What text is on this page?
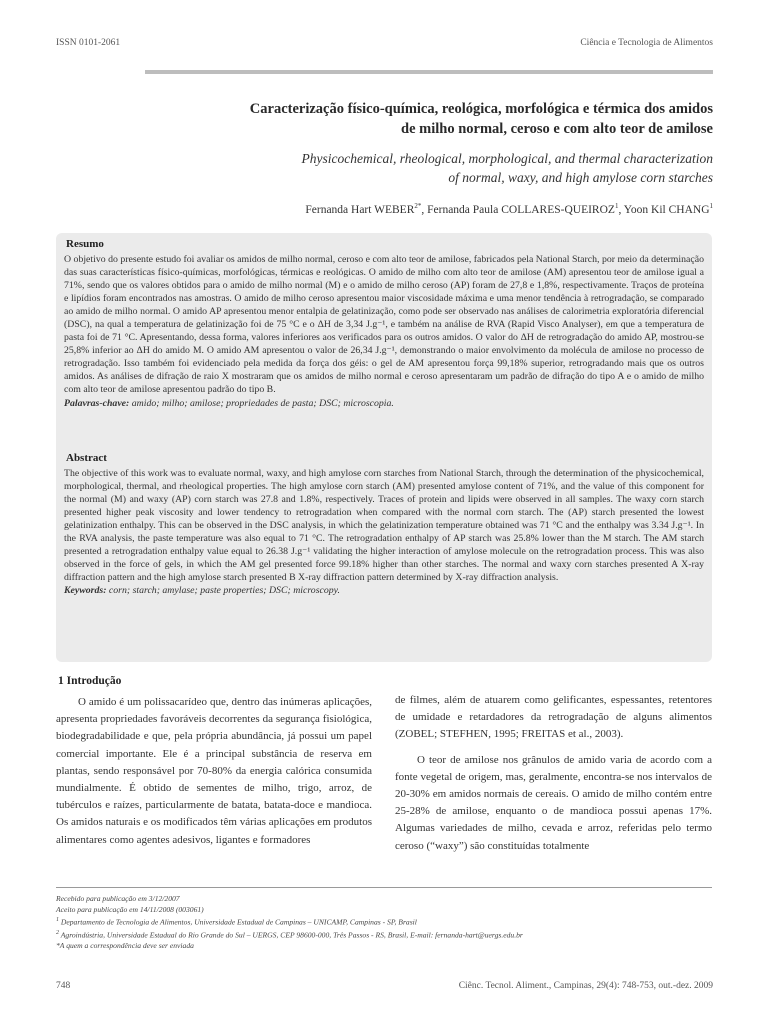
ISSN 0101-2061	Ciência e Tecnologia de Alimentos
Caracterização físico-química, reológica, morfológica e térmica dos amidos
de milho normal, ceroso e com alto teor de amilose
Physicochemical, rheological, morphological, and thermal characterization
of normal, waxy, and high amylose corn starches
Fernanda Hart $WEBER^{2*}$, Fernanda Paula COLLARES-QUEIROZ$^1$, Yoon Kil CHANG$^1$
Resumo
O objetivo do presente estudo foi avaliar os amidos de milho normal, ceroso e com alto teor de amilose, fabricados pela National Starch, por meio da determinação das suas características físico-químicas, morfológicas, térmicas e reológicas. O amido de milho com alto teor de amilose (AM) apresentou teor de amilose igual a 71%, sendo que os valores obtidos para o amido de milho normal (M) e o amido de milho ceroso (AP) foram de 27,8 e 1,8%, respectivamente. Traços de proteína e lipídios foram encontrados nas amostras. O amido de milho ceroso apresentou maior viscosidade máxima e uma menor tendência à retrogradação, se comparado ao amido de milho normal. O amido AP apresentou menor entalpia de gelatinização, como pode ser observado nas análises de calorimetria exploratória diferencial (DSC), na qual a temperatura de gelatinização foi de 75 °C e o ΔH de 3,34 J.g⁻¹, e também na análise de RVA (Rapid Visco Analyser), em que a temperatura de pasta foi de 71 °C. Apresentando, dessa forma, valores inferiores aos verificados para os outros amidos. O valor do ΔH de retrogradação do amido AP, mostrou-se 25,8% inferior ao ΔH do amido M. O amido AM apresentou o valor de 26,34 J.g⁻¹, demonstrando o maior envolvimento da molécula de amilose no processo de retrogradação. Isso também foi evidenciado pela medida da força dos géis: o gel de AM apresentou força 99,18% superior, retrogradando mais que os outros amidos. As análises de difração de raio X mostraram que os amidos de milho normal e ceroso apresentaram um padrão de difração do tipo A e o amido de milho com alto teor de amilose apresentou padrão do tipo B.
Palavras-chave: amido; milho; amilose; propriedades de pasta; DSC; microscopia.
Abstract
The objective of this work was to evaluate normal, waxy, and high amylose corn starches from National Starch, through the determination of the physicochemical, morphological, thermal, and rheological properties. The high amylose corn starch (AM) presented amylose content of 71%, and the value of this component for the normal (M) and waxy (AP) corn starch was 27.8 and 1.8%, respectively. Traces of protein and lipids were observed in all samples. The waxy corn starch presented higher peak viscosity and lower tendency to retrogradation when compared with the normal corn starch. The (AP) starch presented the lowest gelatinization enthalpy. This can be observed in the DSC analysis, in which the gelatinization temperature obtained was 71 °C and the enthalpy was 3.34 J.g⁻¹. In the RVA analysis, the paste temperature was also equal to 71 °C. The retrogradation enthalpy of AP starch was 25.8% lower than the M starch. The AM starch presented a retrogradation enthalpy value equal to 26.38 J.g⁻¹ validating the higher interaction of amylose molecule on the retrogradation process. This was also observed in the force of gels, in which the AM gel presented force 99.18% higher than other starches. The normal and waxy corn starches presented A X-ray diffraction pattern and the high amylose starch presented B X-ray diffraction pattern determined by X-ray diffraction analysis.
Keywords: corn; starch; amylase; paste properties; DSC; microscopy.
1 Introdução

O amido é um polissacarídeo que, dentro das inúmeras aplicações, apresenta propriedades favoráveis decorrentes da segurança fisiológica, biodegradabilidade e que, pela própria abundância, já possui um papel comercial importante. Ele é a principal substância de reserva em plantas, sendo responsável por 70-80% da energia calórica consumida mundialmente. É obtido de sementes de milho, trigo, arroz, de tubérculos e raízes, particularmente de batata, batata-doce e mandioca. Os amidos naturais e os modificados têm várias aplicações em produtos alimentares como agentes adesivos, ligantes e formadores

de filmes, além de atuarem como gelificantes, espessantes, retentores de umidade e retardadores da retrogradação de alguns alimentos (ZOBEL; STEFHEN, 1995; FREITAS et al., 2003).

O teor de amilose nos grânulos de amido varia de acordo com a fonte vegetal de origem, mas, geralmente, encontra-se nos intervalos de 20-30% em amidos normais de cereais. O amido de milho contém entre 25-28% de amilose, enquanto o de mandioca possui apenas 17%. Algumas variedades de milho, cevada e arroz, referidas pelo termo ceroso (“waxy”) são constituídas totalmente

Recebido para publicação em 3/12/2007
Aceito para publicação em 14/11/2008 (003061)
$^1$ Departamento de Tecnologia de Alimentos, Universidade Estadual de Campinas – UNICAMP, Campinas - SP, Brasil
$^2$ Agroindústria, Universidade Estadual do Rio Grande do Sul – UERGS, CEP 98600-000, Três Passos - RS, Brasil, E-mail: fernanda-hart@uergs.edu.br
*A quem a correspondência deve ser enviada
748	Ciênc. Tecnol. Aliment., Campinas, 29(4): 748-753, out.-dez. 2009
